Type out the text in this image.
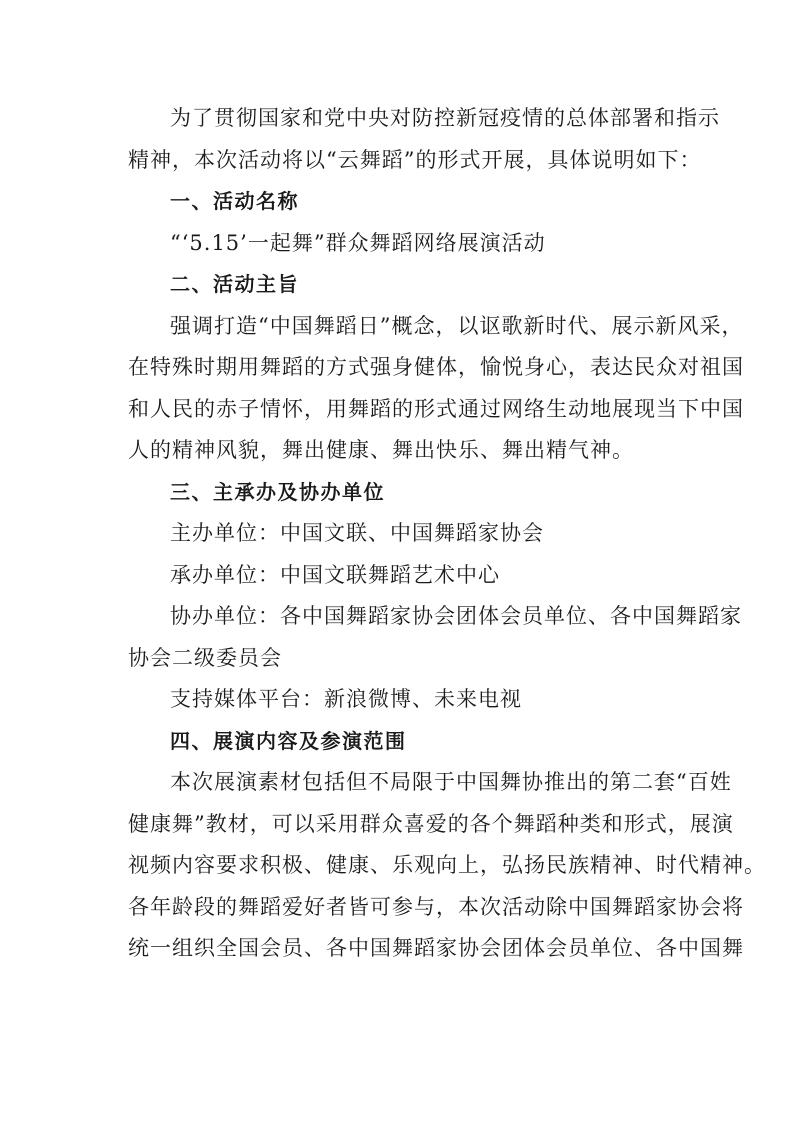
为了贯彻国家和党中央对防控新冠疫情的总体部署和指示

精神，本次活动将以“云舞蹈”的形式开展，具体说明如下：

一、活动名称

“‘5.15’一起舞”群众舞蹈网络展演活动

二、活动主旨

强调打造“中国舞蹈日”概念，以讴歌新时代、展示新风采，

在特殊时期用舞蹈的方式强身健体，愉悦身心，表达民众对祖国

和人民的赤子情怀，用舞蹈的形式通过网络生动地展现当下中国

人的精神风貌，舞出健康、舞出快乐、舞出精气神。

三、主承办及协办单位

主办单位：中国文联、中国舞蹈家协会

承办单位：中国文联舞蹈艺术中心

协办单位：各中国舞蹈家协会团体会员单位、各中国舞蹈家

协会二级委员会

支持媒体平台：新浪微博、未来电视

四、展演内容及参演范围

本次展演素材包括但不局限于中国舞协推出的第二套“百姓

健康舞”教材，可以采用群众喜爱的各个舞蹈种类和形式，展演

视频内容要求积极、健康、乐观向上，弘扬民族精神、时代精神。

各年龄段的舞蹈爱好者皆可参与，本次活动除中国舞蹈家协会将

统一组织全国会员、各中国舞蹈家协会团体会员单位、各中国舞
